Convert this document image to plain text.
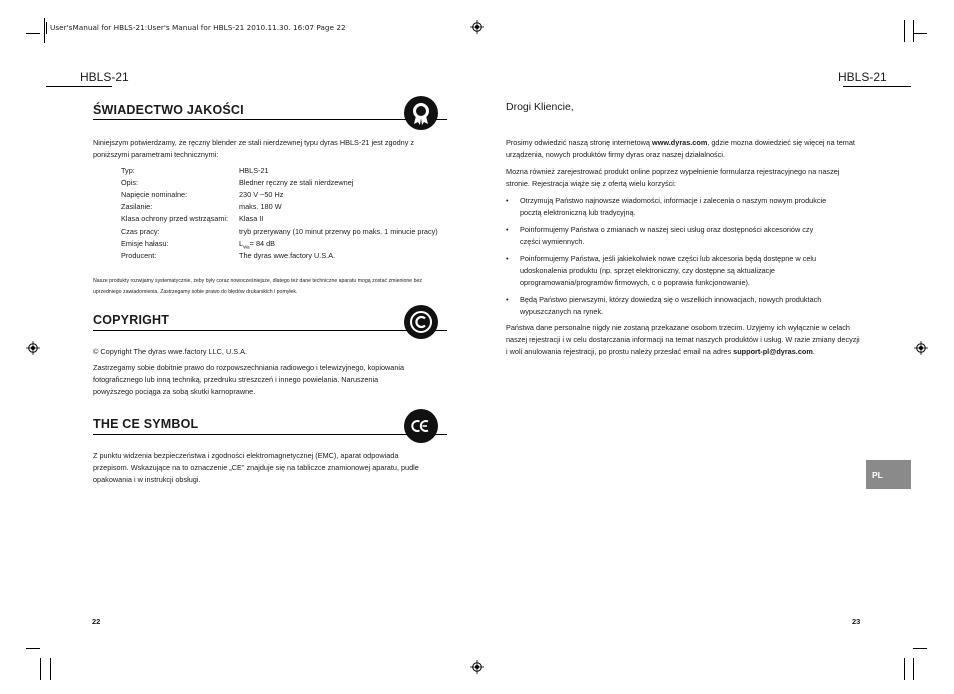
User'sManual for HBLS-21:User's Manual for HBLS-21 2010.11.30. 16:07 Page 22
HBLS-21
ŚWIADECTWO JAKOŚCI
Niniejszym potwierdzamy, że ręczny blender ze stali nierdzewnej typu dyras HBLS-21 jest zgodny z poniższymi parametrami technicznymi:
Typ:	HBLS-21
Opis:	Bledner ręczny ze stali nierdzewnej
Napięcie nominalne:	230 V ~50 Hz
Zasilanie:	maks. 180 W
Klasa ochrony przed wstrząsami: Klasa II
Czas pracy:	tryb przerywany (10 minut przerwy po maks. 1 minucie pracy)
Emisje hałasu:	$L_{Wa}= 84$ dB
Producent:	The dyras wwe.factory U.S.A.
Nasze produkty rozwijamy systematycznie, żeby były coraz nowocześniejsze, dlatego też dane techniczne aparatu mogą zostać zmienione bez uprzedniego zawiadomienia. Zastrzegamy sobie prawo do błędów drukarskich i pomyłek.
COPYRIGHT
© Copyright The dyras wwe.factory LLC, U.S.A.
Zastrzegamy sobie dobitnie prawo do rozpowszechniania radiowego i telewizyjnego, kopiowania fotograficznego lub inną techniką, przedruku streszczeń i innego powielania. Naruszenia powyższego pociąga za sobą skutki karnoprawne.
THE CE SYMBOL
Z punktu widzenia bezpieczeństwa i zgodności elektromagnetycznej (EMC), aparat odpowiada przepisom. Wskazujące na to oznaczenie „CE" znajduje się na tabliczce znamionowej aparatu, pudle opakowania i w instrukcji obsługi.
22
HBLS-21
Drogi Kliencie,
Prosimy odwiedzić naszą stronę internetową www.dyras.com, gdzie mozna dowiedzieć się więcej na temat urządzenia, nowych produktów firmy dyras oraz naszej działalności.
Mozna również zarejestrować produkt online poprzez wypełnienie formularza rejestracyjnego na naszej stronie. Rejestracja wiąże się z ofertą wielu korzyści:
• Otrzymują Państwo najnowsze wiadomości, informacje i zalecenia o naszym nowym produkcie pocztą elektroniczną lub tradycyjną.
• Poinformujemy Państwa o zmianach w naszej sieci usług oraz dostępności akcesoriów czy części wymiennych.
• Poinformujemy Państwa, jeśli jakiekolwiek nowe części lub akcesoria będą dostępne w celu udoskonalenia produktu (np. sprzęt elektroniczny, czy dostępne są aktualizacje oprogramowania/programów firmowych, c o poprawia funkcjonowanie).
• Będą Państwo pierwszymi, którzy dowiedzą się o wszelkich innowacjach, nowych produktach wypuszczanych na rynek.
Państwa dane personalne nigdy nie zostaną przekazane osobom trzecim. Uzyjemy ich wyłącznie w celach naszej rejestracji i w celu dostarczania informacji na temat naszych produktów i usług. W razie zmiany decyzji i woli anulowania rejestracji, po prostu należy przesłać email na adres support-pl@dyras.com.
PL
23
